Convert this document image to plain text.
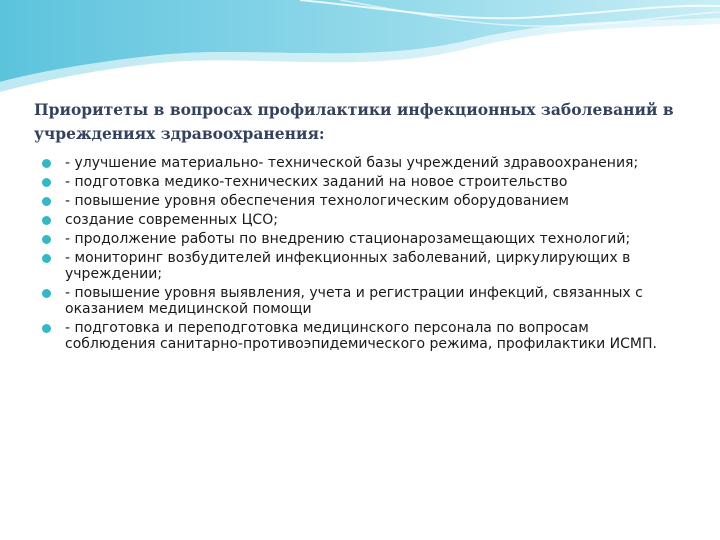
Приоритеты в вопросах профилактики инфекционных заболеваний в учреждениях здравоохранения:
- улучшение материально- технической базы учреждений здравоохранения;
- подготовка медико-технических заданий на новое строительство
- повышение уровня обеспечения технологическим оборудованием
создание современных ЦСО;
- продолжение работы по внедрению стационарозамещающих технологий;
- мониторинг возбудителей инфекционных заболеваний, циркулирующих в учреждении;
- повышение уровня выявления, учета и регистрации инфекций, связанных с оказанием медицинской помощи
- подготовка и переподготовка медицинского персонала по вопросам соблюдения санитарно-противоэпидемического режима, профилактики ИСМП.
